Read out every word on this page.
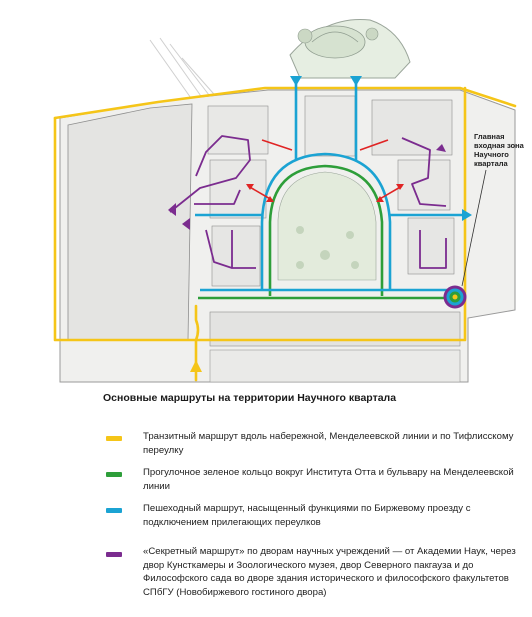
Главная входная зона Научного квартала
Основные маршруты на территории Научного квартала
Транзитный маршрут вдоль набережной, Менделеевской линии и по Тифлисскому переулку
Прогулочное зеленое кольцо вокруг Института Отта и бульвару на Менделеевской линии
Пешеходный маршрут, насыщенный функциями по Биржевому проезду с подключением прилегающих переулков
«Секретный маршрут» по дворам научных учреждений — от Академии Наук, через двор Кунсткамеры и Зоологического музея, двор Северного пакгауза и до Философского сада во дворе здания исторического и философского факультетов СПбГУ (Новобиржевого гостиного двора)
